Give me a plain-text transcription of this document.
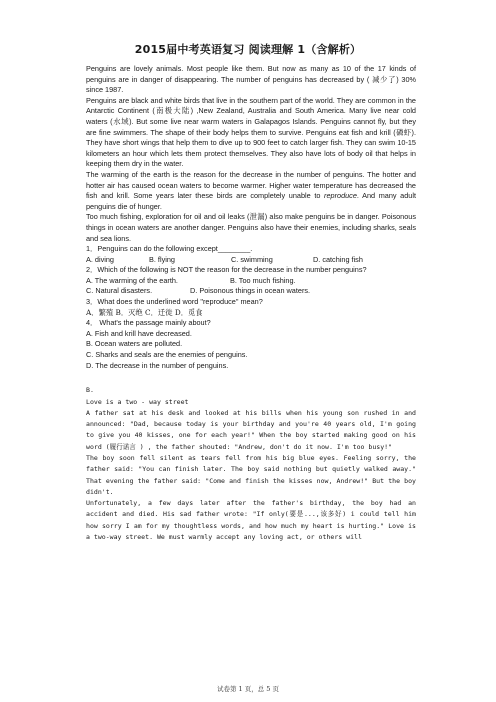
2015届中考英语复习 阅读理解 1（含解析）

Penguins are lovely animals. Most people like them. But now as many as 10 of the 17 kinds of penguins are in danger of disappearing. The number of penguins has decreased by ( 减少了) 30% since 1987.

Penguins are black and white birds that live in the southern part of the world. They are common in the Antarctic Continent (南极大陆) ,New Zealand, Australia and South America. Many live near cold waters (水域). But some live near warm waters in Galapagos Islands. Penguins cannot fly, but they are fine swimmers. The shape of their body helps them to survive. Penguins eat fish and krill (磷虾). They have short wings that help them to dive up to 900 feet to catch larger fish. They can swim 10-15 kilometers an hour which lets them protect themselves. They also have lots of body oil that helps in keeping them dry in the water.

The warming of the earth is the reason for the decrease in the number of penguins. The hotter and hotter air has caused ocean waters to become warmer. Higher water temperature has decreased the fish and krill. Some years later these birds are completely unable to reproduce. And many adult penguins die of hunger.

Too much fishing, exploration for oil and oil leaks (泄漏) also make penguins be in danger. Poisonous things in ocean waters are another danger. Penguins also have their enemies, including sharks, seals and sea lions.

1．Penguins can do the following except________.

A. diving	B. flying	C. swimming	D. catching fish

2．Which of the following is NOT the reason for the decrease in the number penguins?

A. The warming of the earth.	B. Too much fishing.
C. Natural disasters.	D. Poisonous things in ocean waters.

3．What does the underlined word "reproduce" mean?

A．繁殖 B．灭绝 C．迁徙 D．觅食

4． What's the passage mainly about?

A. Fish and krill have decreased.

B. Ocean waters are polluted.

C. Sharks and seals are the enemies of penguins.

D. The decrease in the number of penguins.

B.

Love is a two - way street

A father sat at his desk and looked at his bills when his young son rushed in and announced: "Dad, because today is your birthday and you're 40 years old, I'm going to give you 40 kisses, one for each year!" When the boy started making good on his word (履行诺言 ) , the father shouted: "Andrew, don't do it now. I'm too busy!"

The boy soon fell silent as tears fell from his big blue eyes. Feeling sorry, the father said: "You can finish later. The boy said nothing but quietly walked away." That evening the father said: "Come and finish the kisses now, Andrew!" But the boy didn't.

Unfortunately, a few days later after the father's birthday, the boy had an accident and died. His sad father wrote: "If only(要是...,该多好) i could tell him how sorry I am for my thoughtless words, and how much my heart is hurting." Love is a two-way street. We must warmly accept any loving act, or others will

试卷第 1 页，总 5 页
